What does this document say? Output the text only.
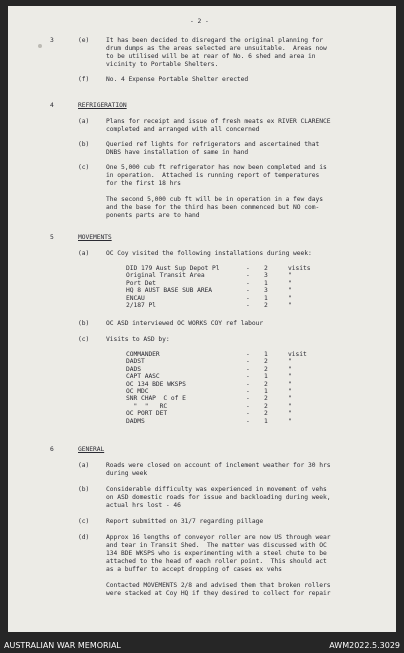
- 2 -
3	(e)	It has been decided to disregard the original planning for
drum dumps as the areas selected are unsuitable.  Areas now
to be utilised will be at rear of No. 6 shed and area in
vicinity to Portable Shelters.
(f)	No. 4 Expense Portable Shelter erected
4	REFRIGERATION
(a)	Plans for receipt and issue of fresh meats ex RIVER CLARENCE
completed and arranged with all concerned
(b)	Queried ref lights for refrigerators and ascertained that
DNBS have installation of same in hand
(c)	One 5,000 cub ft refrigerator has now been completed and is
in operation.  Attached is running report of temperatures
for the first 18 hrs
The second 5,000 cub ft will be in operation in a few days
and the base for the third has been commenced but NO com-
ponents parts are to hand
5	MOVEMENTS
(a)	OC Coy visited the following installations during week:
DID 179 Aust Sup Depot Pl	- 2	visits
Original Transit Area	- 3	"
Port Det	- 1	"
HQ 8 AUST BASE SUB AREA	- 3	"
ENCAU	- 1	"
2/187 Pl	- 2	"
(b)	OC ASD interviewed OC WORKS COY ref labour
(c)	Visits to ASD by:
COMMANDER	- 1	visit
DADST	- 2	"
DADS	- 2	"
CAPT AASC	- 1	"
OC 134 BDE WKSPS	- 2	"
OC MDC	- 1	"
SNR CHAP  C of E	- 2	"
"  "   RC	- 2	"
OC PORT DET	- 2	"
DADMS	- 1	"
6	GENERAL
(a)	Roads were closed on account of inclement weather for 30 hrs
during week
(b)	Considerable difficulty was experienced in movement of vehs
on ASD domestic roads for issue and backloading during week,
actual hrs lost - 46
(c)	Report submitted on 31/7 regarding pillage
(d)	Approx 16 lengths of conveyor roller are now US through wear
and tear in Transit Shed.  The matter was discussed with OC
134 BDE WKSPS who is experimenting with a steel chute to be
attached to the head of each roller point.  This should act
as a buffer to accept dropping of cases ex vehs
Contacted MOVEMENTS 2/8 and advised them that broken rollers
were stacked at Coy HQ if they desired to collect for repair
AUSTRALIAN WAR MEMORIAL	AWM2022.5.3029
